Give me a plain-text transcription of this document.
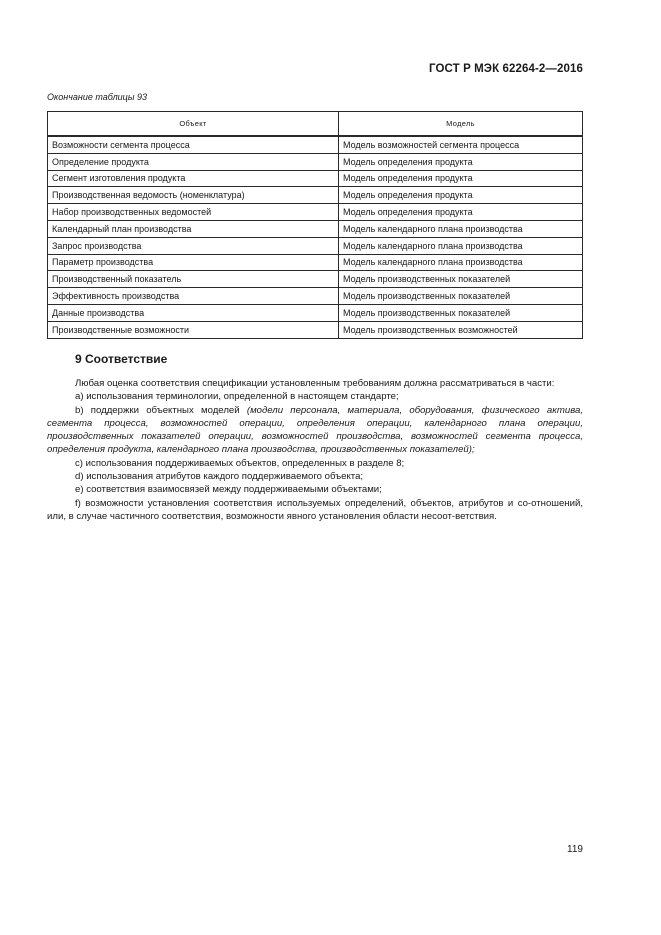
ГОСТ Р МЭК 62264-2—2016
Окончание таблицы 93
Объект	Модель
Возможности сегмента процесса	Модель возможностей сегмента процесса
Определение продукта	Модель определения продукта
Сегмент изготовления продукта	Модель определения продукта
Производственная ведомость (номенклатура)	Модель определения продукта
Набор производственных ведомостей	Модель определения продукта
Календарный план производства	Модель календарного плана производства
Запрос производства	Модель календарного плана производства
Параметр производства	Модель календарного плана производства
Производственный показатель	Модель производственных показателей
Эффективность производства	Модель производственных показателей
Данные производства	Модель производственных показателей
Производственные возможности	Модель производственных возможностей
9 Соответствие

Любая оценка соответствия спецификации установленным требованиям должна рассматриваться в части:

а) использования терминологии, определенной в настоящем стандарте;

b) поддержки объектных моделей (модели персонала, материала, оборудования, физического актива, сегмента процесса, возможностей операции, определения операции, календарного плана операции, производственных показателей операции, возможностей производства, возможностей сегмента процесса, определения продукта, календарного плана производства, производственных показателей);

с) использования поддерживаемых объектов, определенных в разделе 8;

d) использования атрибутов каждого поддерживаемого объекта;

е) соответствия взаимосвязей между поддерживаемыми объектами;

f) возможности установления соответствия используемых определений, объектов, атрибутов и со-отношений, или, в случае частичного соответствия, возможности явного установления области несоот-ветствия.

119
